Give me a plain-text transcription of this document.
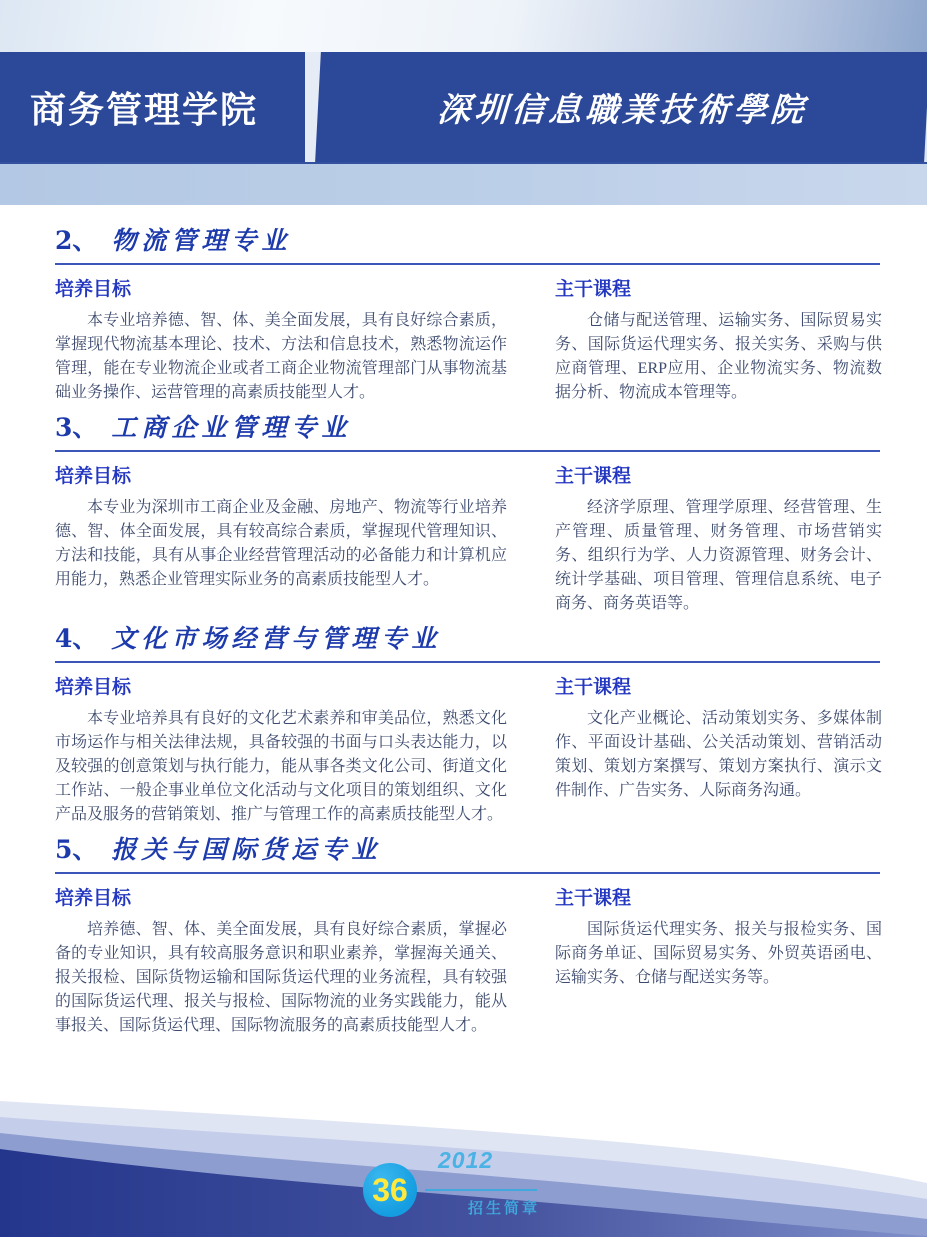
商务管理学院	深圳信息職業技術學院
2、 物流管理专业
培养目标
本专业培养德、智、体、美全面发展，具有良好综合素质，掌握现代物流基本理论、技术、方法和信息技术，熟悉物流运作管理，能在专业物流企业或者工商企业物流管理部门从事物流基础业务操作、运营管理的高素质技能型人才。
主干课程
仓储与配送管理、运输实务、国际贸易实务、国际货运代理实务、报关实务、采购与供应商管理、ERP应用、企业物流实务、物流数据分析、物流成本管理等。
3、 工商企业管理专业
培养目标
本专业为深圳市工商企业及金融、房地产、物流等行业培养德、智、体全面发展，具有较高综合素质，掌握现代管理知识、方法和技能，具有从事企业经营管理活动的必备能力和计算机应用能力，熟悉企业管理实际业务的高素质技能型人才。
主干课程
经济学原理、管理学原理、经营管理、生产管理、质量管理、财务管理、市场营销实务、组织行为学、人力资源管理、财务会计、统计学基础、项目管理、管理信息系统、电子商务、商务英语等。
4、 文化市场经营与管理专业
培养目标
本专业培养具有良好的文化艺术素养和审美品位，熟悉文化市场运作与相关法律法规，具备较强的书面与口头表达能力，以及较强的创意策划与执行能力，能从事各类文化公司、街道文化工作站、一般企事业单位文化活动与文化项目的策划组织、文化产品及服务的营销策划、推广与管理工作的高素质技能型人才。
主干课程
文化产业概论、活动策划实务、多媒体制作、平面设计基础、公关活动策划、营销活动策划、策划方案撰写、策划方案执行、演示文件制作、广告实务、人际商务沟通。
5、 报关与国际货运专业
培养目标
培养德、智、体、美全面发展，具有良好综合素质，掌握必备的专业知识，具有较高服务意识和职业素养，掌握海关通关、报关报检、国际货物运输和国际货运代理的业务流程，具有较强的国际货运代理、报关与报检、国际物流的业务实践能力，能从事报关、国际货运代理、国际物流服务的高素质技能型人才。
主干课程
国际货运代理实务、报关与报检实务、国际商务单证、国际贸易实务、外贸英语函电、运输实务、仓储与配送实务等。
36
2012
招生简章
